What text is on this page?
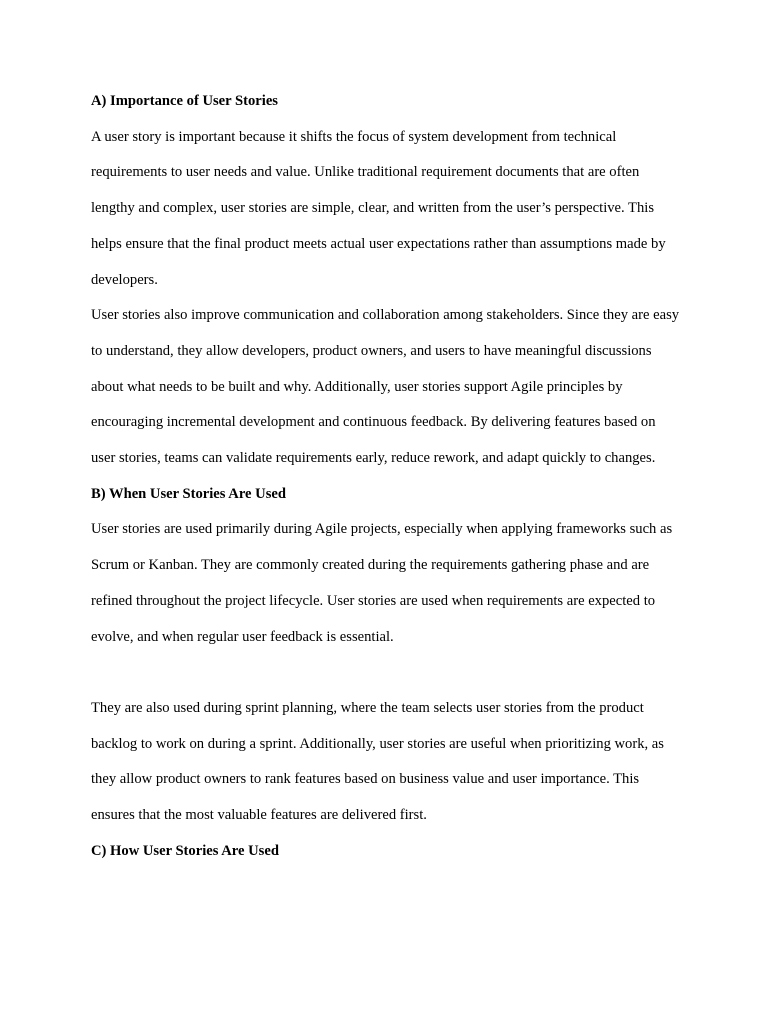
A) Importance of User Stories

A user story is important because it shifts the focus of system development from technical requirements to user needs and value. Unlike traditional requirement documents that are often lengthy and complex, user stories are simple, clear, and written from the user’s perspective. This helps ensure that the final product meets actual user expectations rather than assumptions made by developers.

User stories also improve communication and collaboration among stakeholders. Since they are easy to understand, they allow developers, product owners, and users to have meaningful discussions about what needs to be built and why. Additionally, user stories support Agile principles by encouraging incremental development and continuous feedback. By delivering features based on user stories, teams can validate requirements early, reduce rework, and adapt quickly to changes.

B) When User Stories Are Used

User stories are used primarily during Agile projects, especially when applying frameworks such as Scrum or Kanban. They are commonly created during the requirements gathering phase and are refined throughout the project lifecycle. User stories are used when requirements are expected to evolve, and when regular user feedback is essential.

They are also used during sprint planning, where the team selects user stories from the product backlog to work on during a sprint. Additionally, user stories are useful when prioritizing work, as they allow product owners to rank features based on business value and user importance. This ensures that the most valuable features are delivered first.

C) How User Stories Are Used
